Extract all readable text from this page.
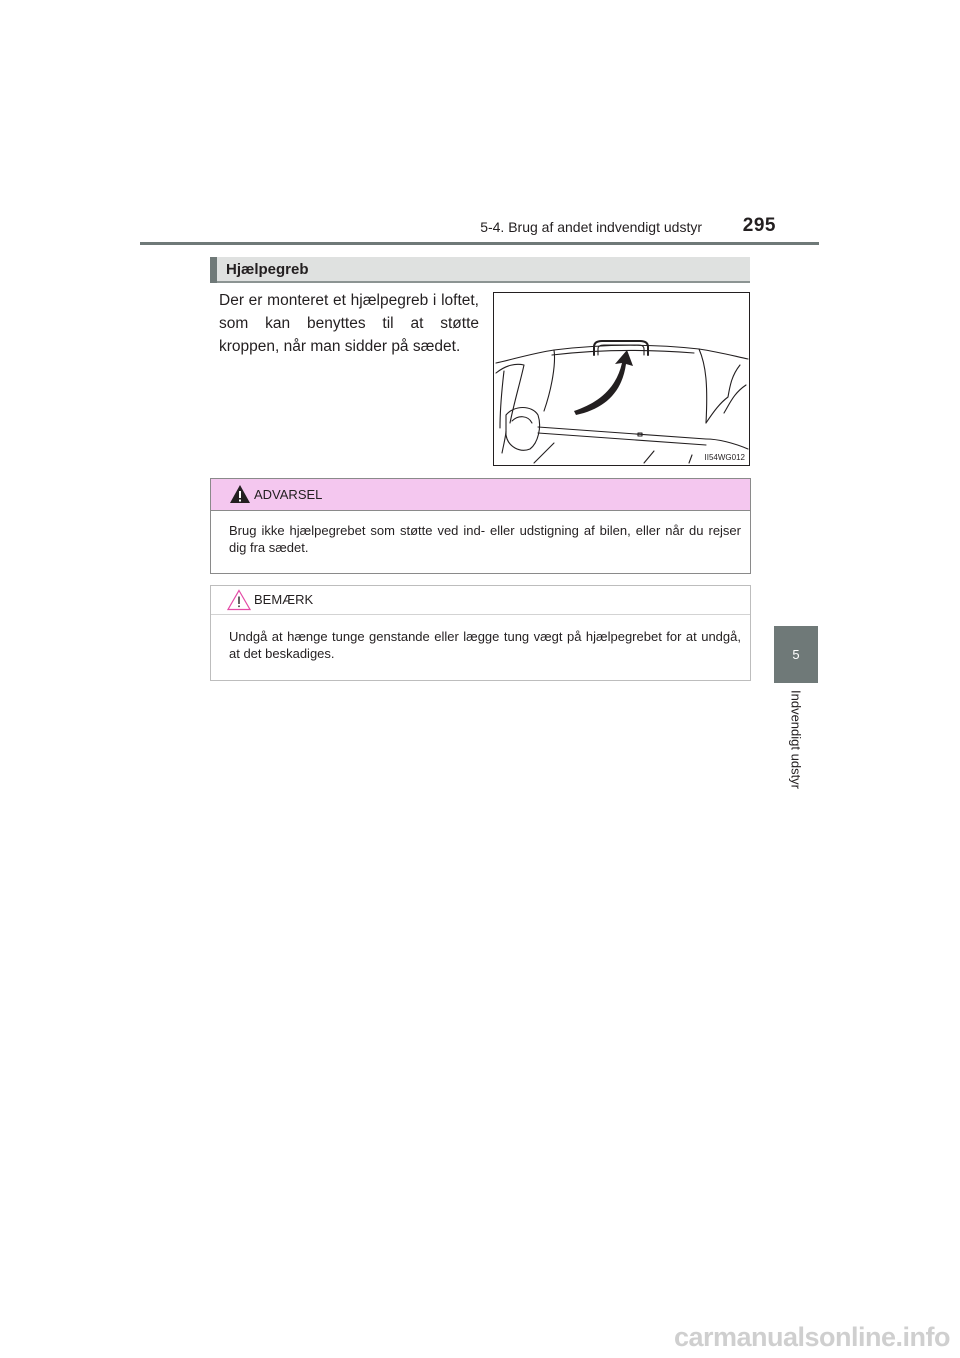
5-4. Brug af andet indvendigt udstyr	295
5
Indvendigt udstyr
Hjælpegreb
Der er monteret et hjælpegreb i loftet, som kan benyttes til at støtte kroppen, når man sidder på sædet.
II54WG012
ADVARSEL
Brug ikke hjælpegrebet som støtte ved ind- eller udstigning af bilen, eller når du rejser dig fra sædet.
BEMÆRK
Undgå at hænge tunge genstande eller lægge tung vægt på hjælpegrebet for at undgå, at det beskadiges.
carmanualsonline.info
